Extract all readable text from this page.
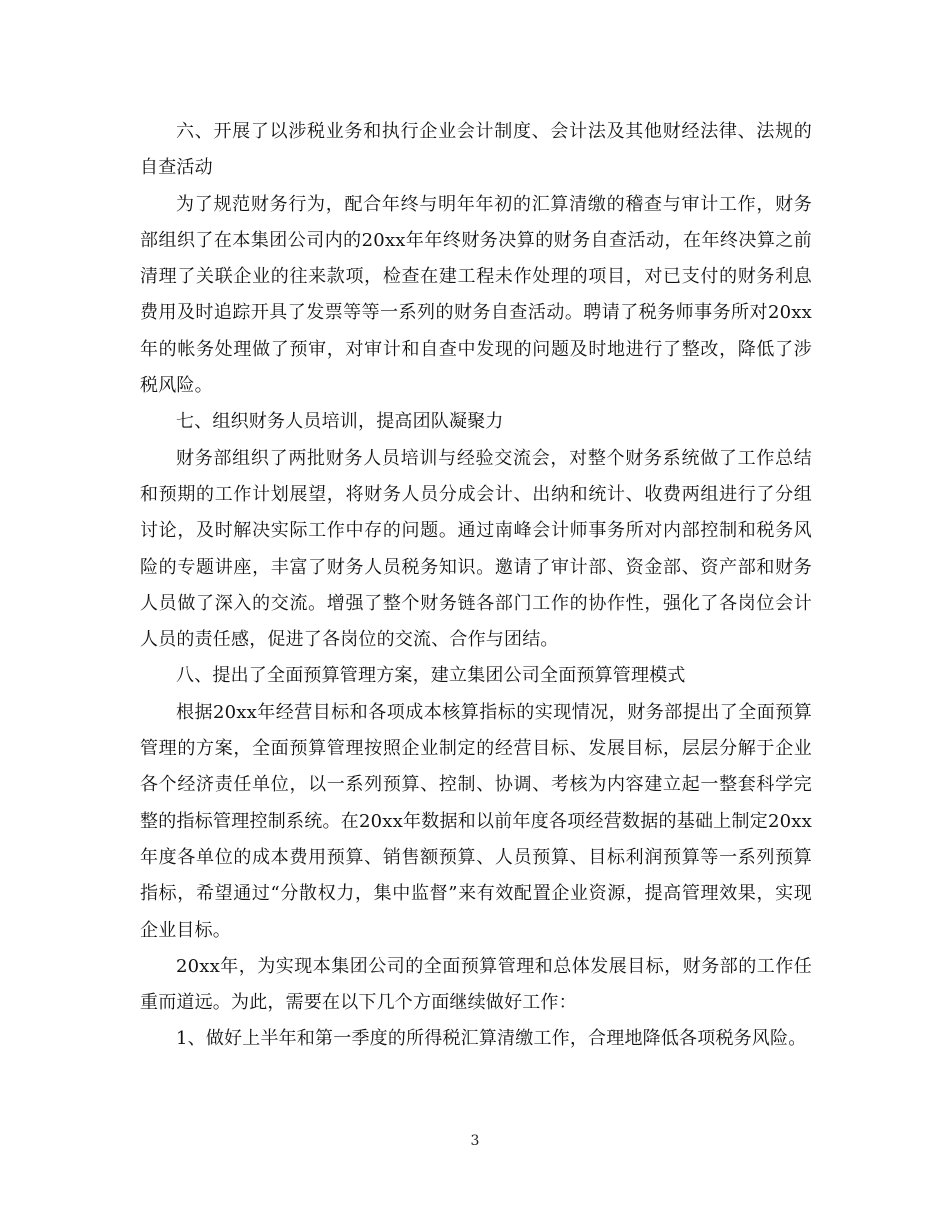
六、开展了以涉税业务和执行企业会计制度、会计法及其他财经法律、法规的自查活动

为了规范财务行为，配合年终与明年年初的汇算清缴的稽查与审计工作，财务部组织了在本集团公司内的20xx年年终财务决算的财务自查活动，在年终决算之前清理了关联企业的往来款项，检查在建工程未作处理的项目，对已支付的财务利息费用及时追踪开具了发票等等一系列的财务自查活动。聘请了税务师事务所对20xx年的帐务处理做了预审，对审计和自查中发现的问题及时地进行了整改，降低了涉税风险。

七、组织财务人员培训，提高团队凝聚力

财务部组织了两批财务人员培训与经验交流会，对整个财务系统做了工作总结和预期的工作计划展望，将财务人员分成会计、出纳和统计、收费两组进行了分组讨论，及时解决实际工作中存的问题。通过南峰会计师事务所对内部控制和税务风险的专题讲座，丰富了财务人员税务知识。邀请了审计部、资金部、资产部和财务人员做了深入的交流。增强了整个财务链各部门工作的协作性，强化了各岗位会计人员的责任感，促进了各岗位的交流、合作与团结。

八、提出了全面预算管理方案，建立集团公司全面预算管理模式

根据20xx年经营目标和各项成本核算指标的实现情况，财务部提出了全面预算管理的方案，全面预算管理按照企业制定的经营目标、发展目标，层层分解于企业各个经济责任单位，以一系列预算、控制、协调、考核为内容建立起一整套科学完整的指标管理控制系统。在20xx年数据和以前年度各项经营数据的基础上制定20xx年度各单位的成本费用预算、销售额预算、人员预算、目标利润预算等一系列预算指标，希望通过“分散权力，集中监督”来有效配置企业资源，提高管理效果，实现企业目标。

20xx年，为实现本集团公司的全面预算管理和总体发展目标，财务部的工作任重而道远。为此，需要在以下几个方面继续做好工作：

1、做好上半年和第一季度的所得税汇算清缴工作，合理地降低各项税务风险。

3
